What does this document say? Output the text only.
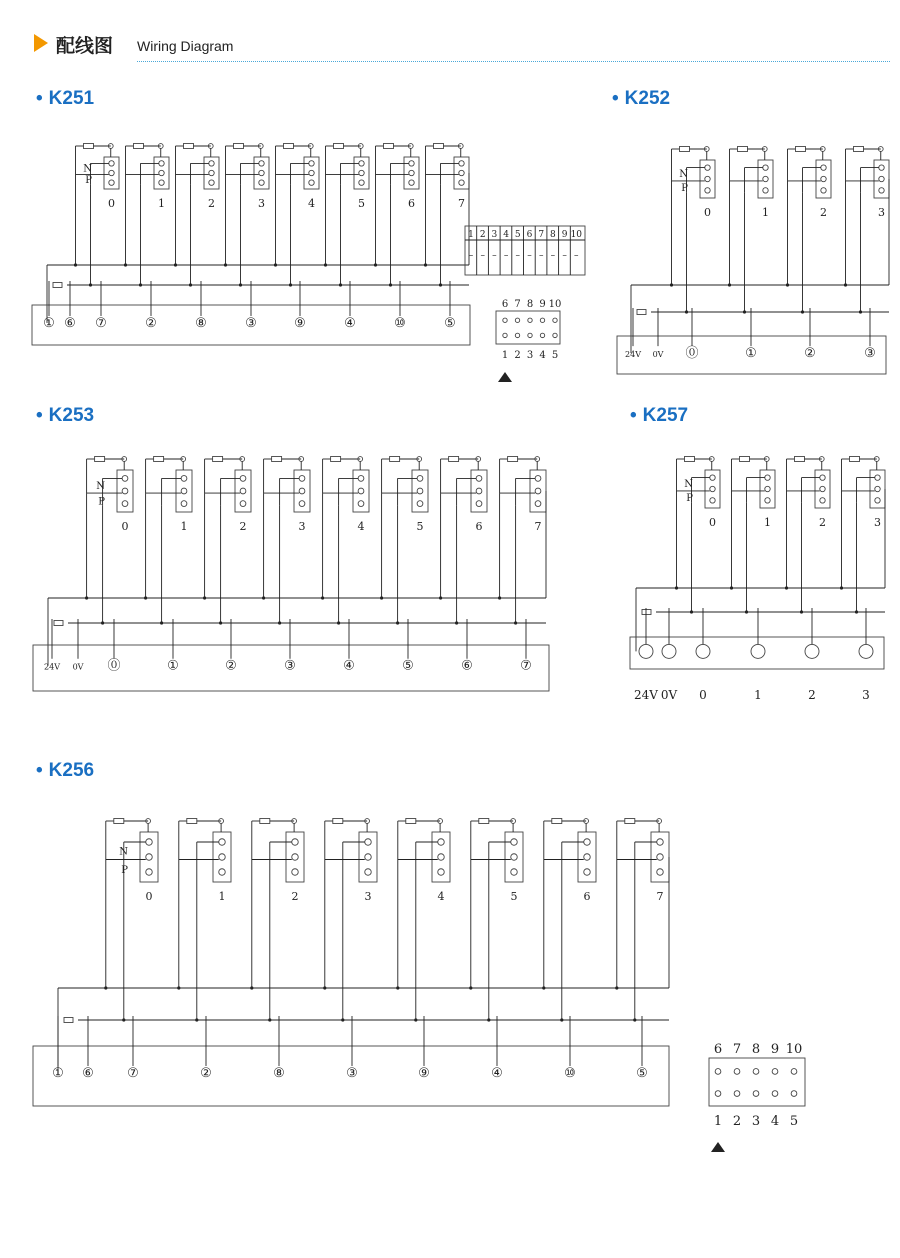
配线图 Wiring Diagram
• K251	• K252
• K253	• K257
• K256
N
P
0	1	2	3	4	5	6	7
① ⑥ ⑦	②	⑧	③	⑨	④	⑩	⑤
N
P
0	1	2	3
24V 0V ⓪	①	②	③
N
P
0	1	2	3	4	5	6	7
24V 0V ⓪	①	②	③	④	⑤	⑥	⑦
N
P
0	1	2	3
24V 0V 0	1	2	3
N
P
0	1	2	3	4	5	6	7
① ⑥	⑦	②	⑧	③	⑨	④	⑩	⑤
1
–
2
–
3
–
4
–
5
–
6
–
7
–
8
–
9
–
10
–
6 7 8 9 10
1 2 3 4 5
6 7 8 9 10
1 2 3 4 5
